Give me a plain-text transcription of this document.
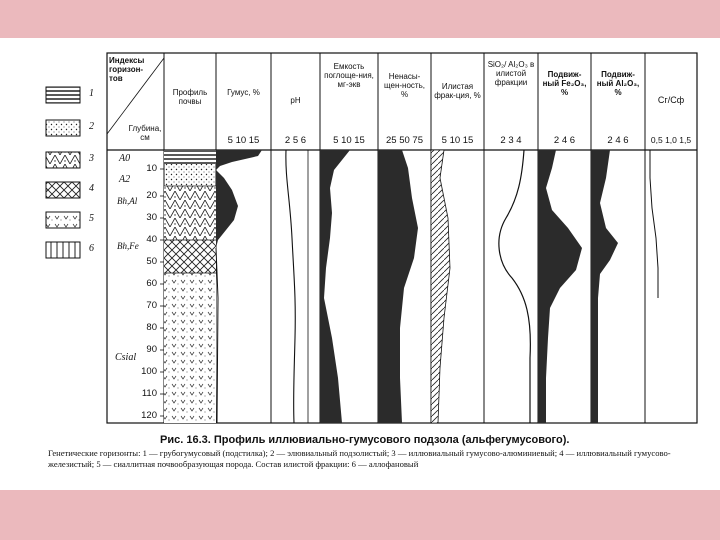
1
2
3
4
5
6
Индексы горизон-тов
Глубина, см
Профиль почвы
Гумус, %
pH
Емкость поглоще-ния, мг-экв
Ненасы-щен-ность, %
Илистая фрак-ция, %
SiO₂/ Al₂O₃ в илистой фракции
Подвиж-ный Fe₂O₃, %
Подвиж-ный Al₂O₃, %
Cг/Cф
5 10 15	2 5 6	5 10 15	25 50 75	5 10 15	2 3 4	2 4 6	2 4 6	0,5 1,0 1,5
A0
A2
Bh,Al
Bh,Fe
Csial
10
20
30
40
50
60
70
80
90
100
110
120
Рис. 16.3. Профиль иллювиально-гумусового подзола (альфегумусового).
Генетические горизонты: 1 — грубогумусовый (подстилка); 2 — элювиальный подзолистый; 3 — иллювиальный гумусово-алюминиевый; 4 — иллювиальный гумусово-железистый; 5 — сиаллитная почвообразующая порода. Состав илистой фракции: 6 — аллофановый
